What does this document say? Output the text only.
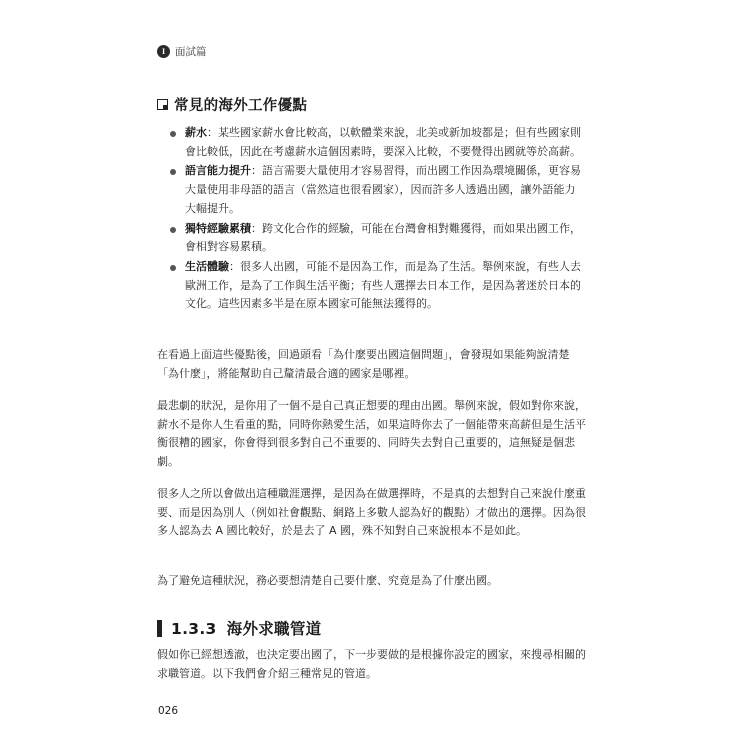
I 面試篇
常見的海外工作優點
薪水：某些國家薪水會比較高，以軟體業來說，北美或新加坡都是；但有些國家則會比較低，因此在考慮薪水這個因素時，要深入比較，不要覺得出國就等於高薪。
語言能力提升：語言需要大量使用才容易習得，而出國工作因為環境關係，更容易大量使用非母語的語言（當然這也很看國家），因而許多人透過出國，讓外語能力大幅提升。
獨特經驗累積：跨文化合作的經驗，可能在台灣會相對難獲得，而如果出國工作，會相對容易累積。
生活體驗：很多人出國，可能不是因為工作，而是為了生活。舉例來說，有些人去歐洲工作，是為了工作與生活平衡；有些人選擇去日本工作，是因為著迷於日本的文化。這些因素多半是在原本國家可能無法獲得的。

在看過上面這些優點後，回過頭看「為什麼要出國這個問題」，會發現如果能夠說清楚「為什麼」，將能幫助自己釐清最合適的國家是哪裡。

最悲劇的狀況，是你用了一個不是自己真正想要的理由出國。舉例來說，假如對你來說，薪水不是你人生看重的點，同時你熱愛生活，如果這時你去了一個能帶來高薪但是生活平衡很糟的國家，你會得到很多對自己不重要的、同時失去對自己重要的，這無疑是個悲劇。

很多人之所以會做出這種職涯選擇，是因為在做選擇時，不是真的去想對自己來說什麼重要、而是因為別人（例如社會觀點、網路上多數人認為好的觀點）才做出的選擇。因為很多人認為去 A 國比較好，於是去了 A 國，殊不知對自己來說根本不是如此。

為了避免這種狀況，務必要想清楚自己要什麼、究竟是為了什麼出國。

1.3.3 海外求職管道

假如你已經想透澈，也決定要出國了，下一步要做的是根據你設定的國家，來搜尋相關的求職管道。以下我們會介紹三種常見的管道。

026
